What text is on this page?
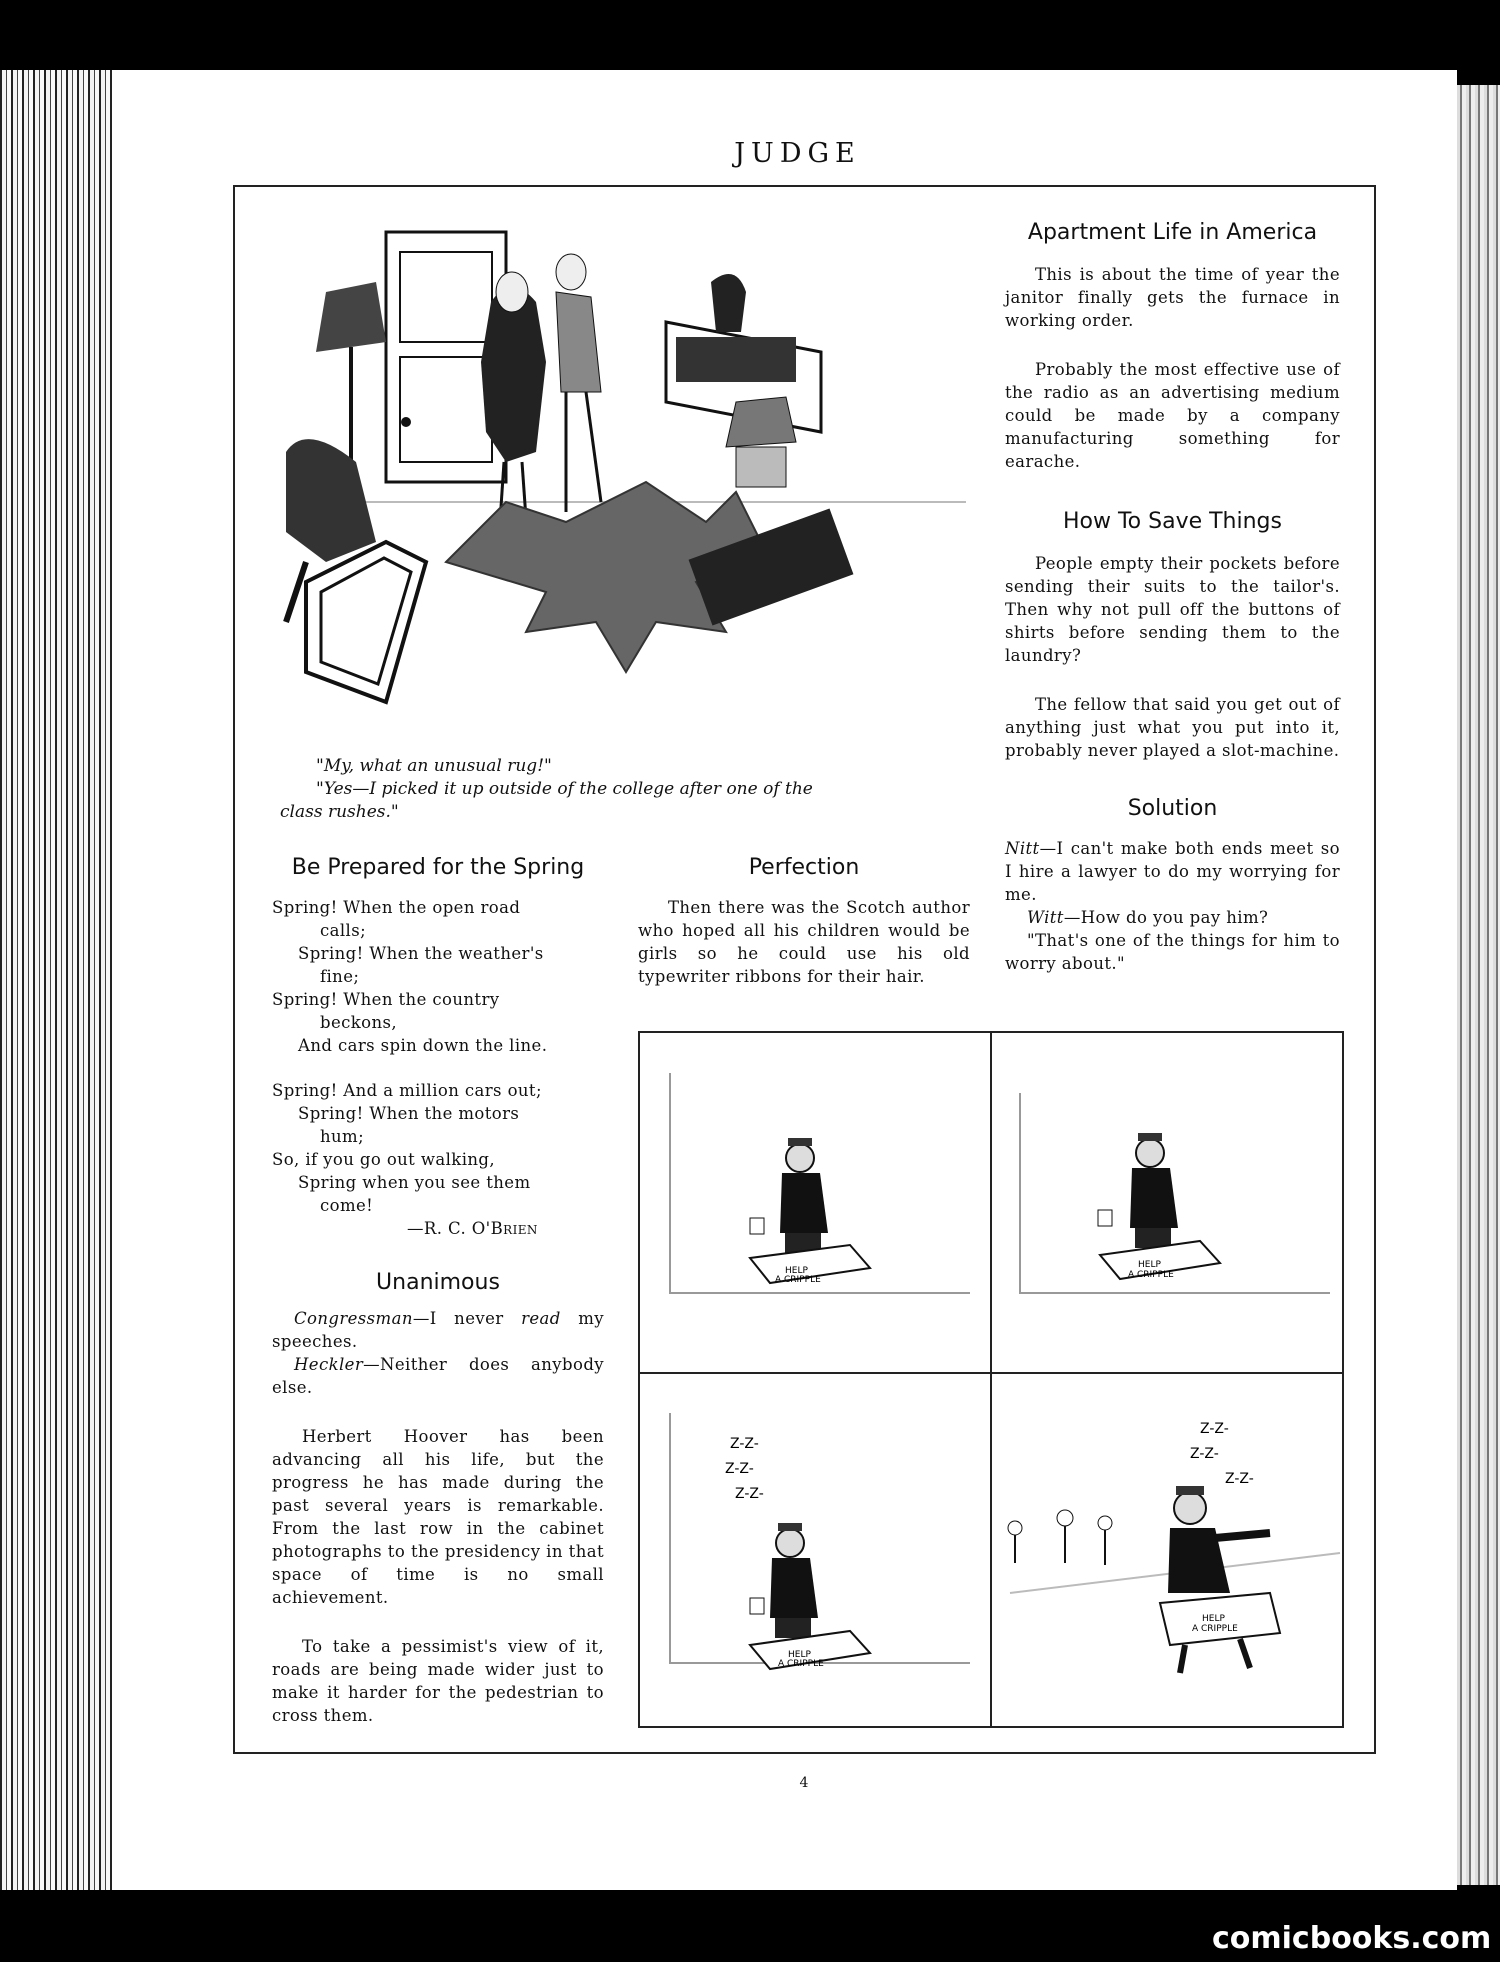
JUDGE
"My, what an unusual rug!"
"Yes—I picked it up outside of the college after one of the
class rushes."
Apartment Life in America

This is about the time of year the janitor finally gets the furnace in working order.

Probably the most effective use of the radio as an advertising medium could be made by a company manufacturing something for earache.

How To Save Things

People empty their pockets before sending their suits to the tailor's. Then why not pull off the buttons of shirts before sending them to the laundry?

The fellow that said you get out of anything just what you put into it, probably never played a slot-machine.

Solution
Nitt—I can't make both ends meet so I hire a lawyer to do my worrying for me.
Witt—How do you pay him?
"That's one of the things for him to worry about."
Be Prepared for the Spring

Spring! When the open road

calls;

Spring! When the weather's

fine;

Spring! When the country

beckons,

And cars spin down the line.

Spring! And a million cars out;

Spring! When the motors

hum;

So, if you go out walking,

Spring when you see them

come!

—R. C. O'Brien

Unanimous
Congressman—I never read my speeches.
Heckler—Neither does anybody else.

Herbert Hoover has been advancing all his life, but the progress he has made during the past several years is remarkable. From the last row in the cabinet photographs to the presidency in that space of time is no small achievement.

To take a pessimist's view of it, roads are being made wider just to make it harder for the pedestrian to cross them.

Perfection

Then there was the Scotch author who hoped all his children would be girls so he could use his old typewriter ribbons for their hair.

HELP
A CRIPPLE
HELP
A CRIPPLE
Z-Z-
Z-Z-
Z-Z-
HELP
A CRIPPLE
Z-Z-
Z-Z-
Z-Z-
HELP
A CRIPPLE
4
comicbooks.com
